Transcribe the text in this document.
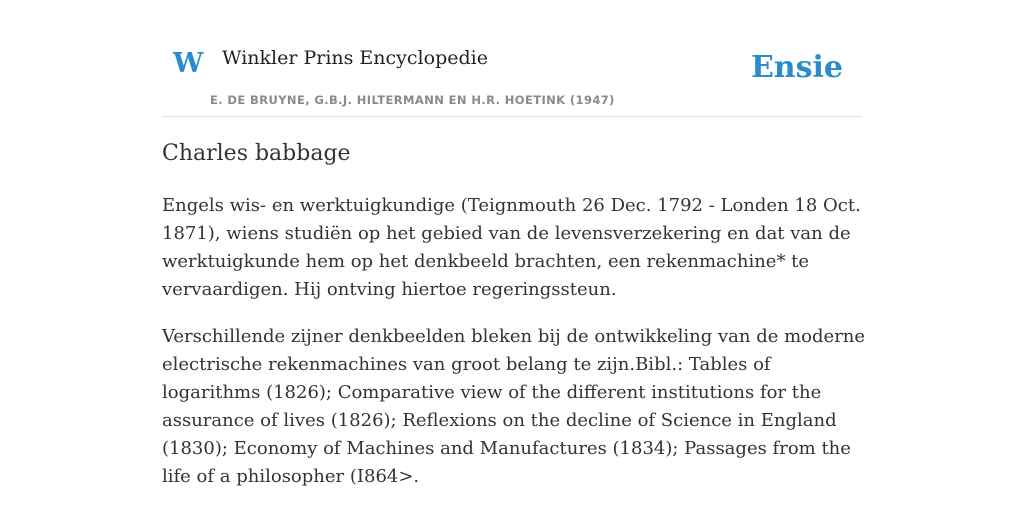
W Winkler Prins Encyclopedie
E. DE BRUYNE, G.B.J. HILTERMANN EN H.R. HOETINK (1947)
Ensie
Charles babbage

Engels wis- en werktuigkundige (Teignmouth 26 Dec. 1792 - Londen 18 Oct. 1871), wiens studiën op het gebied van de levensverzekering en dat van de werktuigkunde hem op het denkbeeld brachten, een rekenmachine* te vervaardigen. Hij ontving hiertoe regeringssteun.

Verschillende zijner denkbeelden bleken bij de ontwikkeling van de moderne electrische rekenmachines van groot belang te zijn.Bibl.: Tables of logarithms (1826); Comparative view of the different institutions for the assurance of lives (1826); Reflexions on the decline of Science in England (1830); Economy of Machines and Manufactures (1834); Passages from the life of a philosopher (I864>.
